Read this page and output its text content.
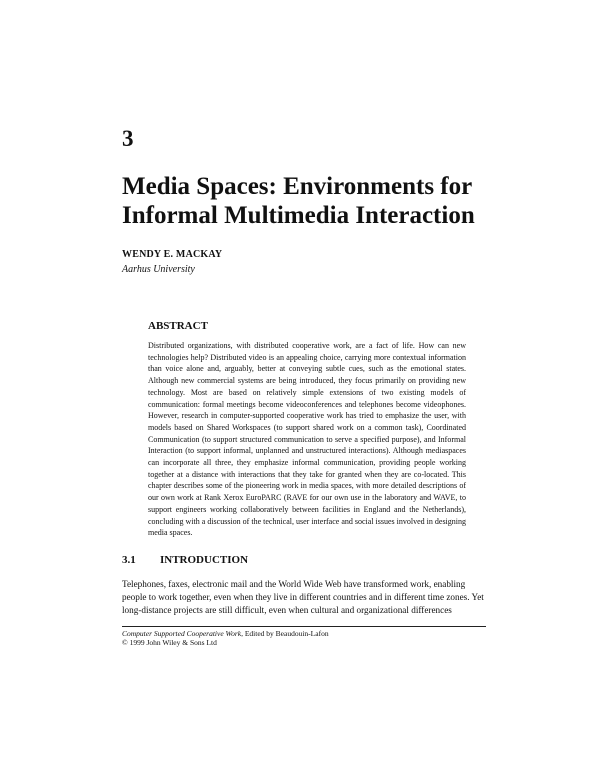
3
Media Spaces: Environments for
Informal Multimedia Interaction
WENDY E. MACKAY
Aarhus University
ABSTRACT

Distributed organizations, with distributed cooperative work, are a fact of life. How can new technologies help? Distributed video is an appealing choice, carrying more contextual information than voice alone and, arguably, better at conveying subtle cues, such as the emotional states. Although new commercial systems are being introduced, they focus primarily on providing new technology. Most are based on relatively simple extensions of two existing models of communication: formal meetings become videoconferences and telephones become videophones. However, research in computer-supported cooperative work has tried to emphasize the user, with models based on Shared Workspaces (to support shared work on a common task), Coordinated Communication (to support structured communication to serve a specified purpose), and Informal Interaction (to support informal, unplanned and unstructured interactions). Although mediaspaces can incorporate all three, they emphasize informal communication, providing people working together at a distance with interactions that they take for granted when they are co-located. This chapter describes some of the pioneering work in media spaces, with more detailed descriptions of our own work at Rank Xerox EuroPARC (RAVE for our own use in the laboratory and WAVE, to support engineers working collaboratively between facilities in England and the Netherlands), concluding with a discussion of the technical, user interface and social issues involved in designing media spaces.

3.1 INTRODUCTION

Telephones, faxes, electronic mail and the World Wide Web have transformed work, enabling people to work together, even when they live in different countries and in different time zones. Yet long-distance projects are still difficult, even when cultural and organizational differences

Computer Supported Cooperative Work, Edited by Beaudouin-Lafon
© 1999 John Wiley & Sons Ltd
